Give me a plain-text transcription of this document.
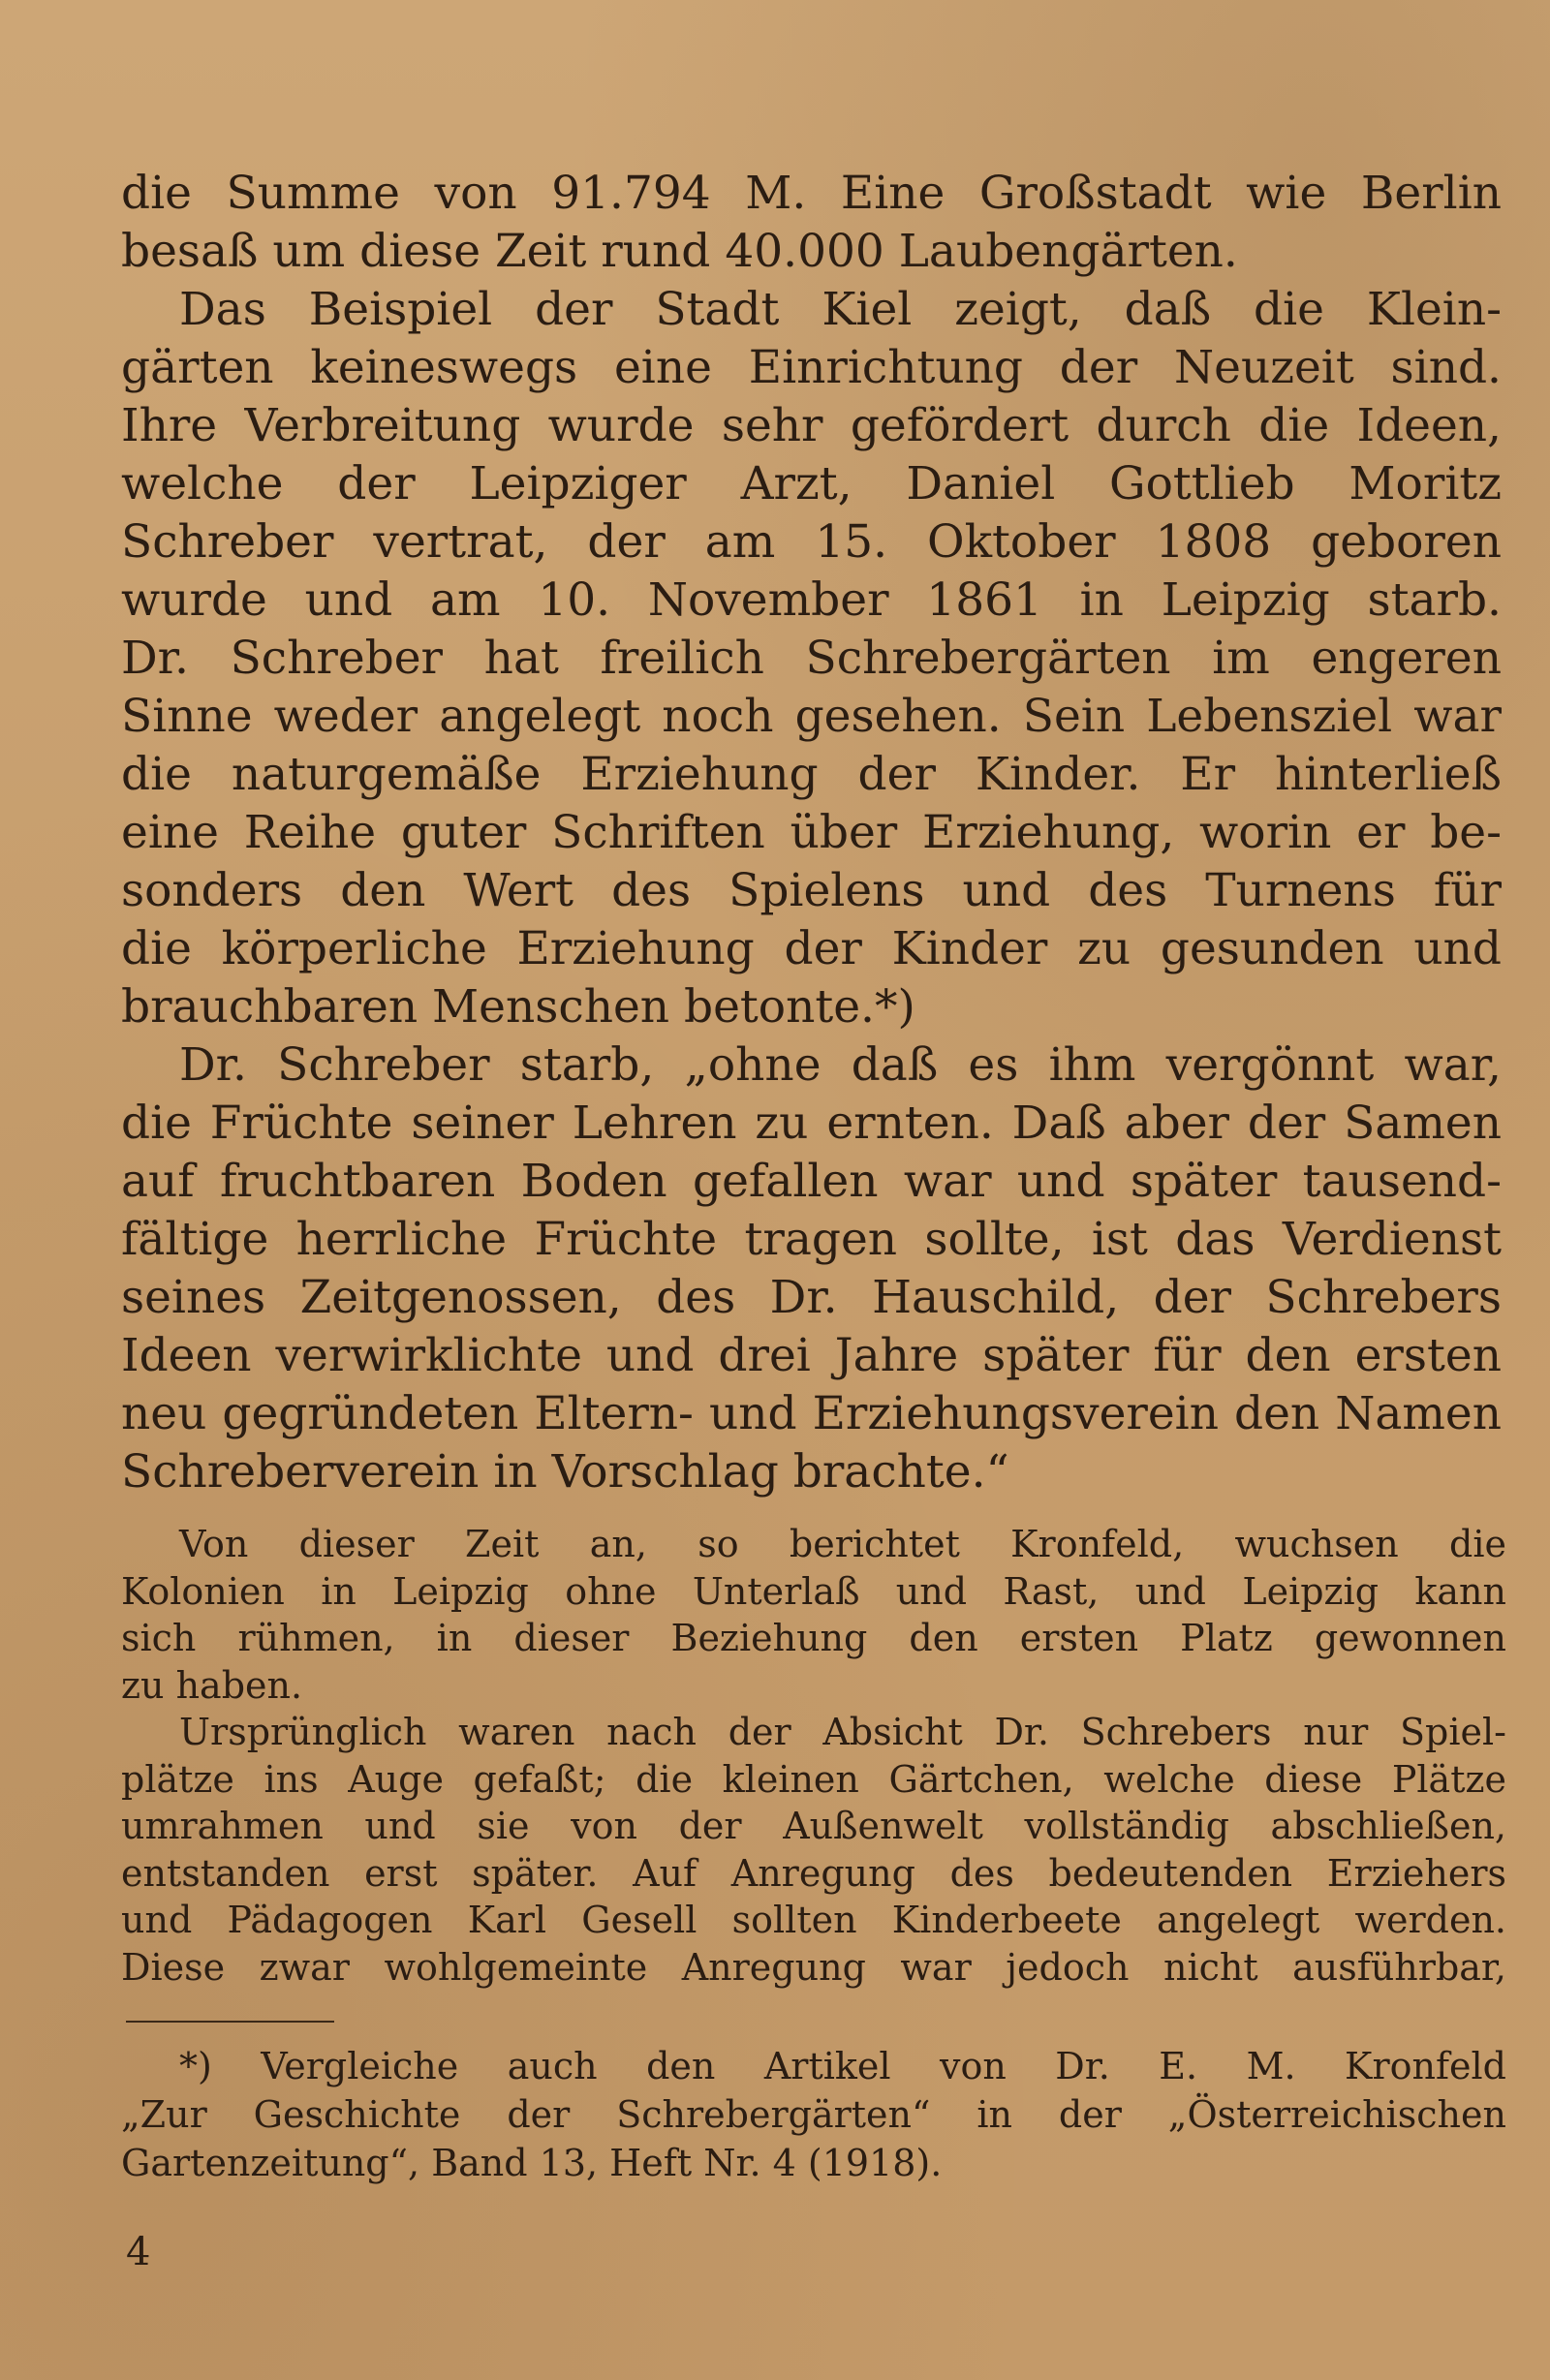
die Summe von 91.794 M. Eine Großstadt wie Berlin
besaß um diese Zeit rund 40.000 Laubengärten.
Das Beispiel der Stadt Kiel zeigt, daß die Klein-
gärten keineswegs eine Einrichtung der Neuzeit sind.
Ihre Verbreitung wurde sehr gefördert durch die Ideen,
welche der Leipziger Arzt, Daniel Gottlieb Moritz
Schreber vertrat, der am 15. Oktober 1808 geboren
wurde und am 10. November 1861 in Leipzig starb.
Dr. Schreber hat freilich Schrebergärten im engeren
Sinne weder angelegt noch gesehen. Sein Lebensziel war
die naturgemäße Erziehung der Kinder. Er hinterließ
eine Reihe guter Schriften über Erziehung, worin er be-
sonders den Wert des Spielens und des Turnens für
die körperliche Erziehung der Kinder zu gesunden und
brauchbaren Menschen betonte.*)
Dr. Schreber starb, „ohne daß es ihm vergönnt war,
die Früchte seiner Lehren zu ernten. Daß aber der Samen
auf fruchtbaren Boden gefallen war und später tausend-
fältige herrliche Früchte tragen sollte, ist das Verdienst
seines Zeitgenossen, des Dr. Hauschild, der Schrebers
Ideen verwirklichte und drei Jahre später für den ersten
neu gegründeten Eltern- und Erziehungsverein den Namen
Schreberverein in Vorschlag brachte.“
Von dieser Zeit an, so berichtet Kronfeld, wuchsen die
Kolonien in Leipzig ohne Unterlaß und Rast, und Leipzig kann
sich rühmen, in dieser Beziehung den ersten Platz gewonnen
zu haben.
Ursprünglich waren nach der Absicht Dr. Schrebers nur Spiel-
plätze ins Auge gefaßt; die kleinen Gärtchen, welche diese Plätze
umrahmen und sie von der Außenwelt vollständig abschließen,
entstanden erst später. Auf Anregung des bedeutenden Erziehers
und Pädagogen Karl Gesell sollten Kinderbeete angelegt werden.
Diese zwar wohlgemeinte Anregung war jedoch nicht ausführbar,
*) Vergleiche auch den Artikel von Dr. E. M. Kronfeld
„Zur Geschichte der Schrebergärten“ in der „Österreichischen
Gartenzeitung“, Band 13, Heft Nr. 4 (1918).
4
